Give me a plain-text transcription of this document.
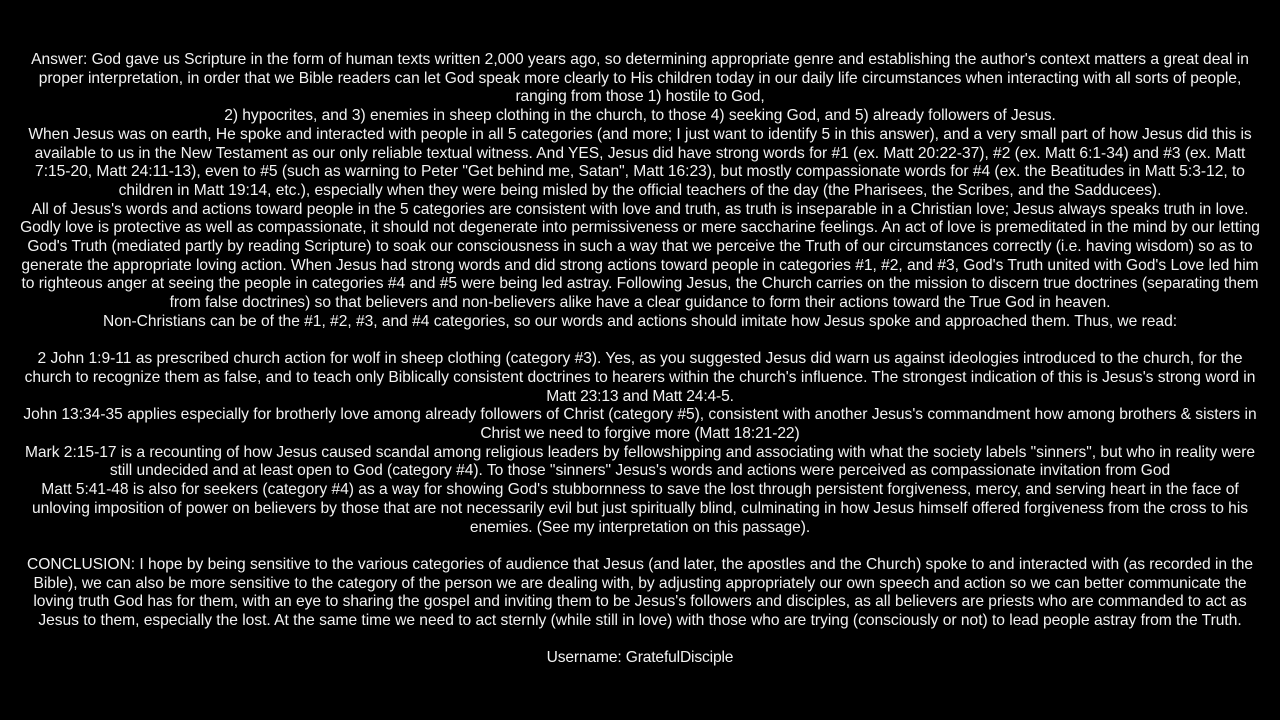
Answer: God gave us Scripture in the form of human texts written 2,000 years ago, so determining appropriate genre and establishing the author's context matters a great deal in
proper interpretation, in order that we Bible readers can let God speak more clearly to His children today in our daily life circumstances when interacting with all sorts of people,
ranging from those 1) hostile to God,
2) hypocrites, and 3) enemies in sheep clothing in the church, to those 4) seeking God, and 5) already followers of Jesus.
When Jesus was on earth, He spoke and interacted with people in all 5 categories (and more; I just want to identify 5 in this answer), and a very small part of how Jesus did this is
available to us in the New Testament as our only reliable textual witness. And YES, Jesus did have strong words for #1 (ex. Matt 20:22-37), #2 (ex. Matt 6:1-34) and #3 (ex. Matt
7:15-20, Matt 24:11-13), even to #5 (such as warning to Peter "Get behind me, Satan", Matt 16:23), but mostly compassionate words for #4 (ex. the Beatitudes in Matt 5:3-12, to
children in Matt 19:14, etc.), especially when they were being misled by the official teachers of the day (the Pharisees, the Scribes, and the Sadducees).
All of Jesus's words and actions toward people in the 5 categories are consistent with love and truth, as truth is inseparable in a Christian love; Jesus always speaks truth in love.
Godly love is protective as well as compassionate, it should not degenerate into permissiveness or mere saccharine feelings. An act of love is premeditated in the mind by our letting
God's Truth (mediated partly by reading Scripture) to soak our consciousness in such a way that we perceive the Truth of our circumstances correctly (i.e. having wisdom) so as to
generate the appropriate loving action. When Jesus had strong words and did strong actions toward people in categories #1, #2, and #3, God's Truth united with God's Love led him
to righteous anger at seeing the people in categories #4 and #5 were being led astray. Following Jesus, the Church carries on the mission to discern true doctrines (separating them
from false doctrines) so that believers and non-believers alike have a clear guidance to form their actions toward the True God in heaven.
Non-Christians can be of the #1, #2, #3, and #4 categories, so our words and actions should imitate how Jesus spoke and approached them. Thus, we read:
2 John 1:9-11 as prescribed church action for wolf in sheep clothing (category #3). Yes, as you suggested Jesus did warn us against ideologies introduced to the church, for the
church to recognize them as false, and to teach only Biblically consistent doctrines to hearers within the church's influence. The strongest indication of this is Jesus's strong word in
Matt 23:13 and Matt 24:4-5.
John 13:34-35 applies especially for brotherly love among already followers of Christ (category #5), consistent with another Jesus's commandment how among brothers & sisters in
Christ we need to forgive more (Matt 18:21-22)
Mark 2:15-17 is a recounting of how Jesus caused scandal among religious leaders by fellowshipping and associating with what the society labels "sinners", but who in reality were
still undecided and at least open to God (category #4). To those "sinners" Jesus's words and actions were perceived as compassionate invitation from God
Matt 5:41-48 is also for seekers (category #4) as a way for showing God's stubbornness to save the lost through persistent forgiveness, mercy, and serving heart in the face of
unloving imposition of power on believers by those that are not necessarily evil but just spiritually blind, culminating in how Jesus himself offered forgiveness from the cross to his
enemies. (See my interpretation on this passage).
CONCLUSION: I hope by being sensitive to the various categories of audience that Jesus (and later, the apostles and the Church) spoke to and interacted with (as recorded in the
Bible), we can also be more sensitive to the category of the person we are dealing with, by adjusting appropriately our own speech and action so we can better communicate the
loving truth God has for them, with an eye to sharing the gospel and inviting them to be Jesus's followers and disciples, as all believers are priests who are commanded to act as
Jesus to them, especially the lost. At the same time we need to act sternly (while still in love) with those who are trying (consciously or not) to lead people astray from the Truth.
Username: GratefulDisciple
